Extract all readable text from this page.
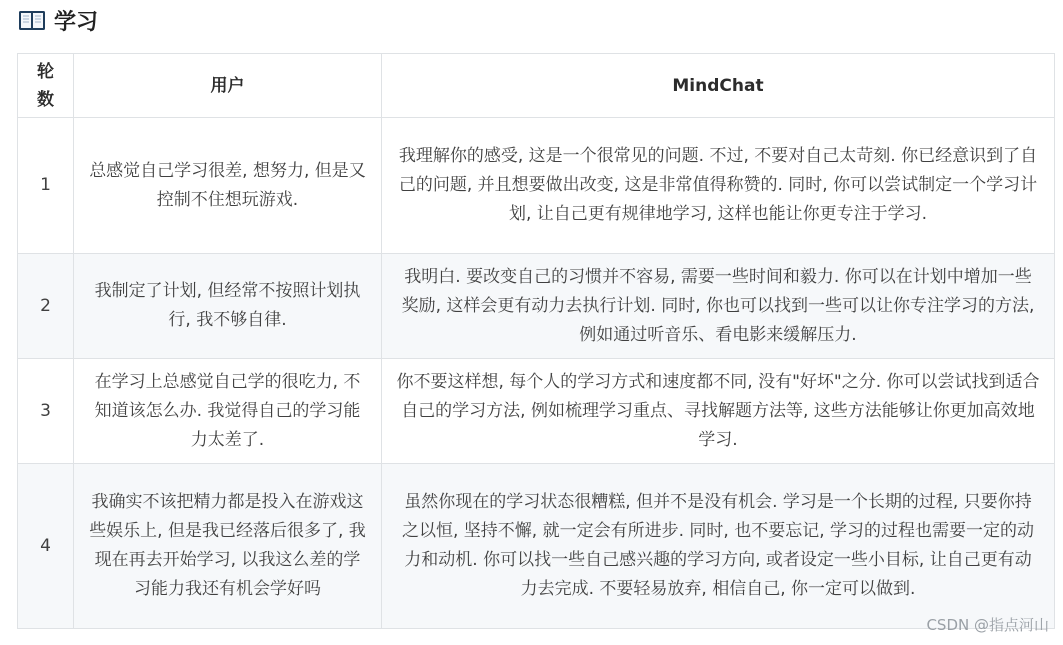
学习
轮
数	用户	MindChat
1	总感觉自己学习很差, 想努力, 但是又控制不住想玩游戏.	我理解你的感受, 这是一个很常见的问题. 不过, 不要对自己太苛刻. 你已经意识到了自己的问题, 并且想要做出改变, 这是非常值得称赞的. 同时, 你可以尝试制定一个学习计划, 让自己更有规律地学习, 这样也能让你更专注于学习.
2	我制定了计划, 但经常不按照计划执行, 我不够自律.	我明白. 要改变自己的习惯并不容易, 需要一些时间和毅力. 你可以在计划中增加一些奖励, 这样会更有动力去执行计划. 同时, 你也可以找到一些可以让你专注学习的方法, 例如通过听音乐、看电影来缓解压力.
3	在学习上总感觉自己学的很吃力, 不知道该怎么办. 我觉得自己的学习能力太差了.	你不要这样想, 每个人的学习方式和速度都不同, 没有"好坏"之分. 你可以尝试找到适合自己的学习方法, 例如梳理学习重点、寻找解题方法等, 这些方法能够让你更加高效地学习.
4	我确实不该把精力都是投入在游戏这些娱乐上, 但是我已经落后很多了, 我现在再去开始学习, 以我这么差的学习能力我还有机会学好吗	虽然你现在的学习状态很糟糕, 但并不是没有机会. 学习是一个长期的过程, 只要你持之以恒, 坚持不懈, 就一定会有所进步. 同时, 也不要忘记, 学习的过程也需要一定的动力和动机. 你可以找一些自己感兴趣的学习方向, 或者设定一些小目标, 让自己更有动力去完成. 不要轻易放弃, 相信自己, 你一定可以做到.
CSDN @指点河山
